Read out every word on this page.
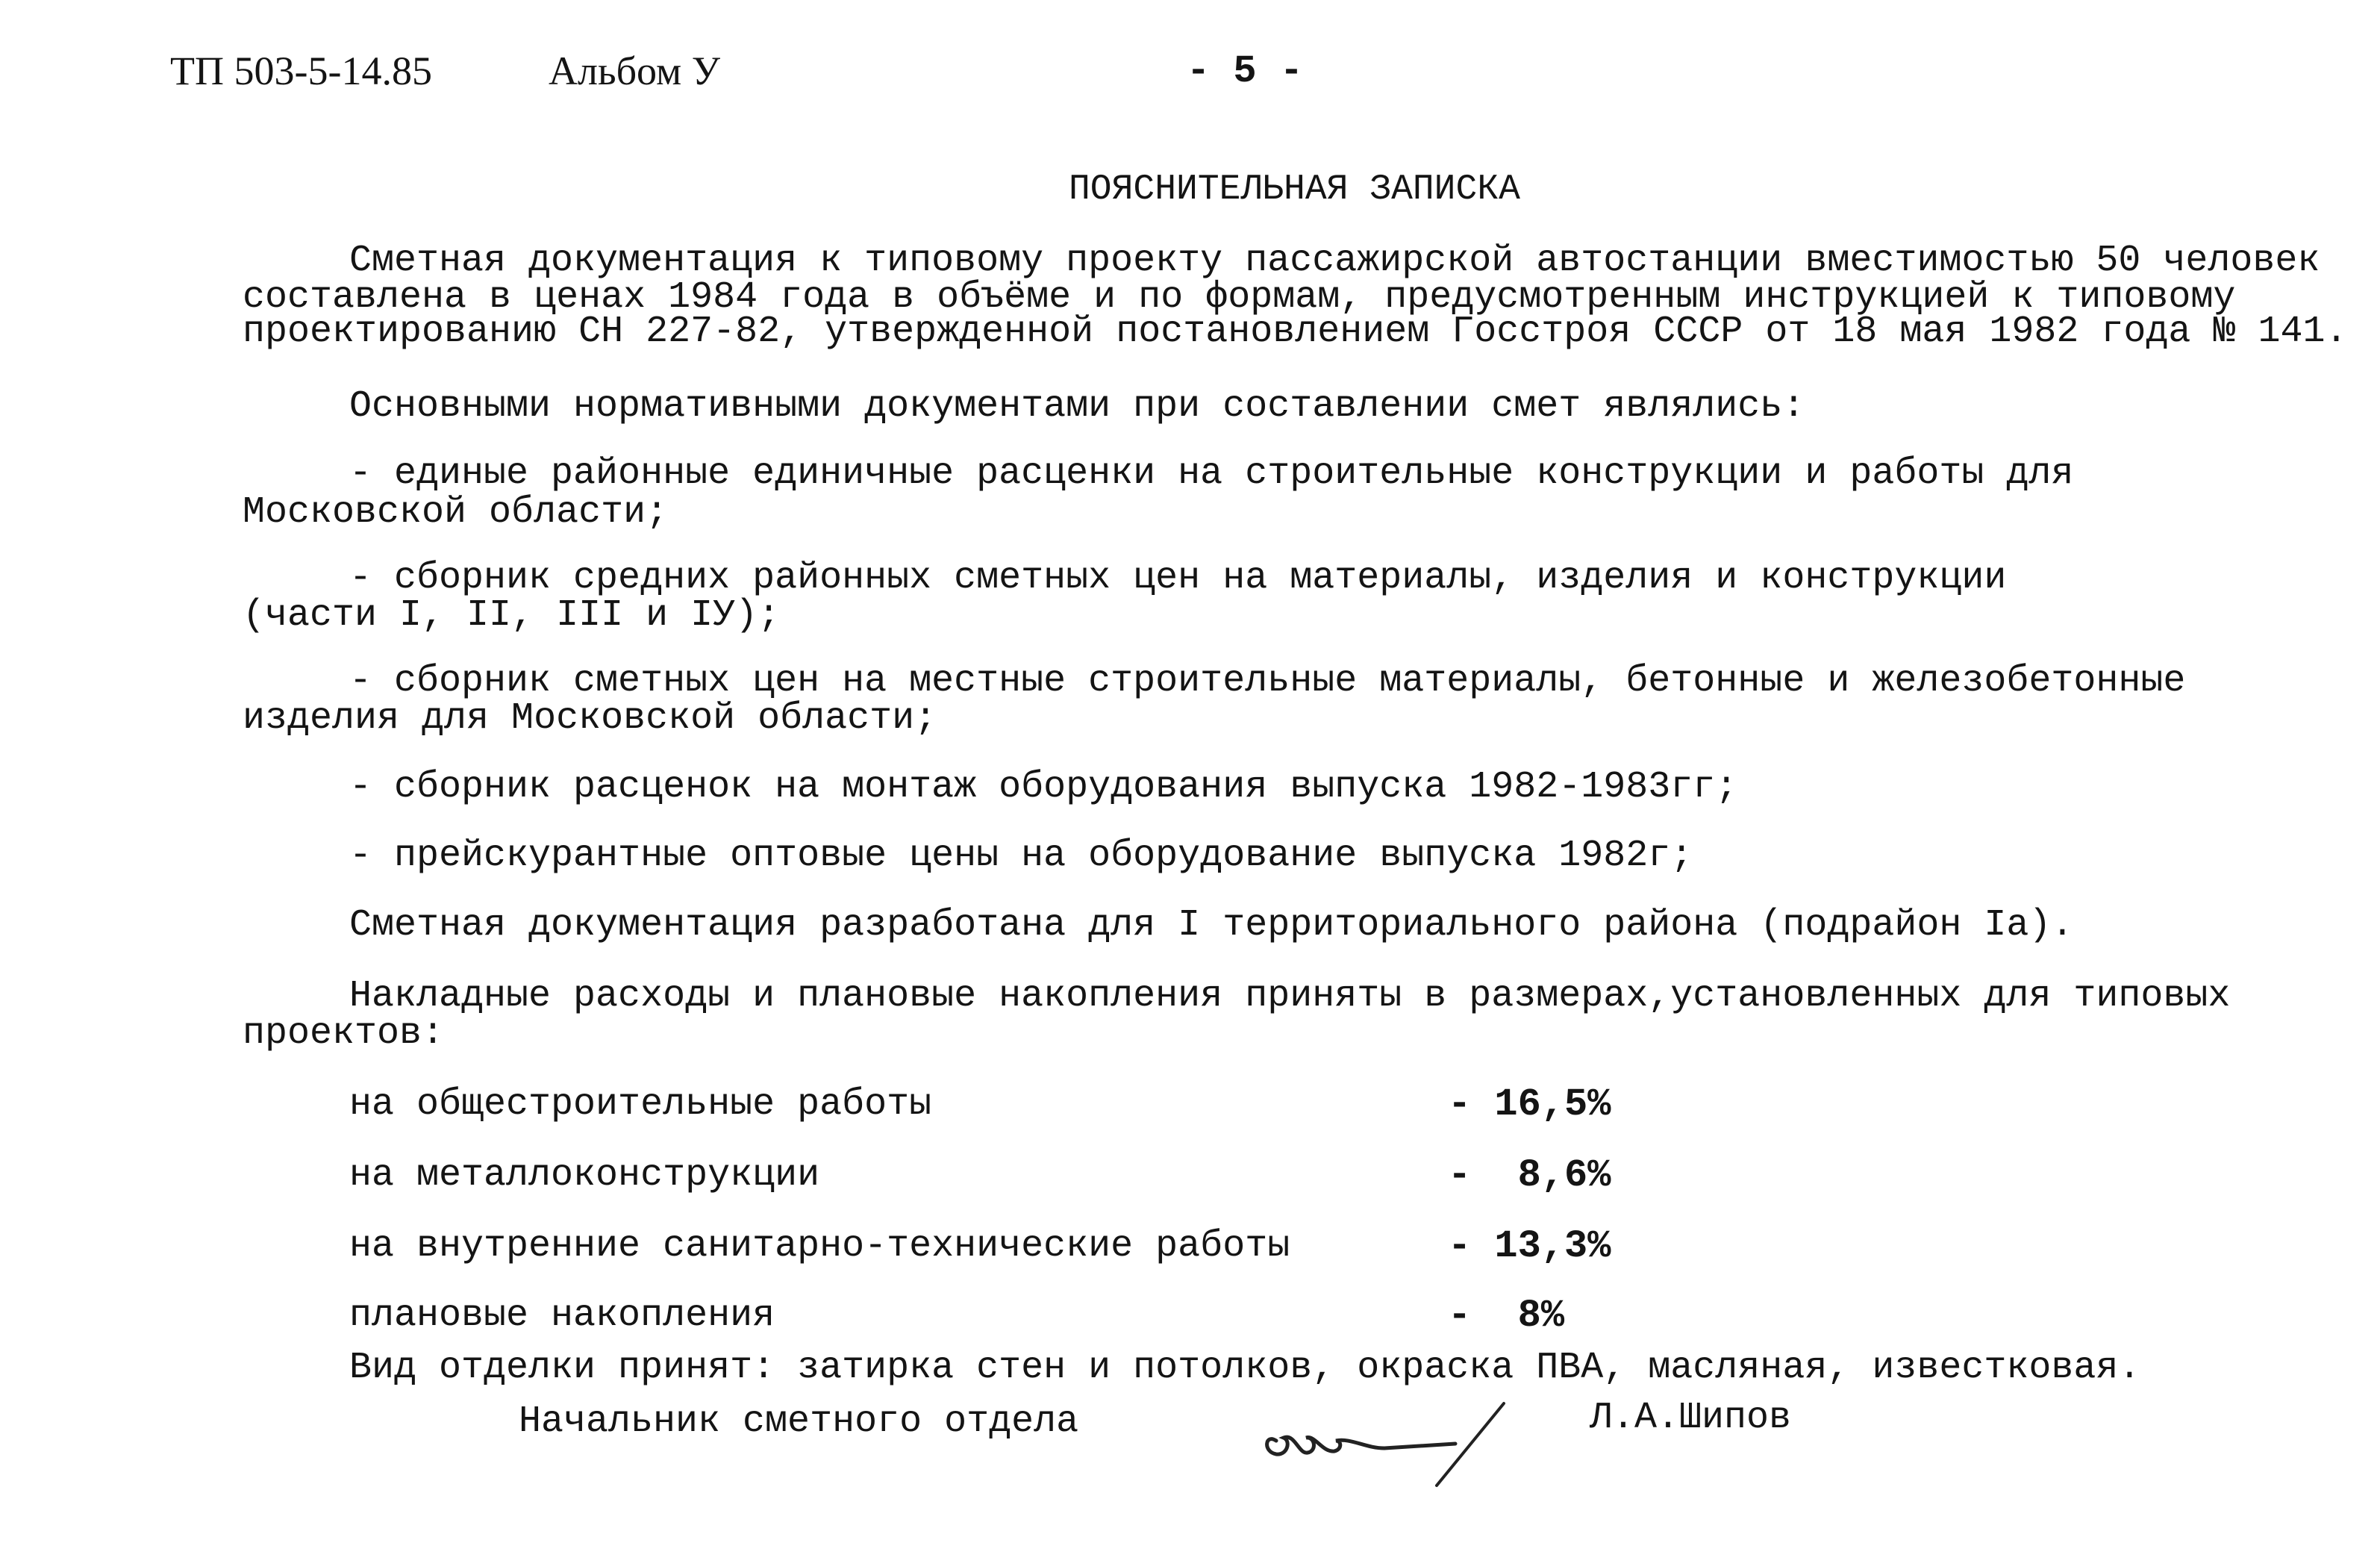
ТП 503-5-14.85	Альбом У	- 5 -
ПОЯСНИТЕЛЬНАЯ ЗАПИСКА
Сметная документация к типовому проекту пассажирской автостанции вместимостью 50 человек
составлена в ценах 1984 года в объёме и по формам, предусмотренным инструкцией к типовому
проектированию СН 227-82, утвержденной постановлением Госстроя СССР от 18 мая 1982 года № 141.
Основными нормативными документами при составлении смет являлись:
- единые районные единичные расценки на строительные конструкции и работы для
Московской области;
- сборник средних районных сметных цен на материалы, изделия и конструкции
(части I, II, III и IУ);
- сборник сметных цен на местные строительные материалы, бетонные и железобетонные
изделия для Московской области;
- сборник расценок на монтаж оборудования выпуска 1982-1983гг;
- прейскурантные оптовые цены на оборудование выпуска 1982г;
Сметная документация разработана для I территориального района (подрайон Iа).
Накладные расходы и плановые накопления приняты в размерах,установленных для типовых
проектов:
на общестроительные работы	- 16,5%
на металлоконструкции	-  8,6%
на внутренние санитарно-технические работы	- 13,3%
плановые накопления	-  8%
Вид отделки принят: затирка стен и потолков, окраска ПВА, масляная, известковая.
Начальник сметного отдела	Л.А.Шипов
